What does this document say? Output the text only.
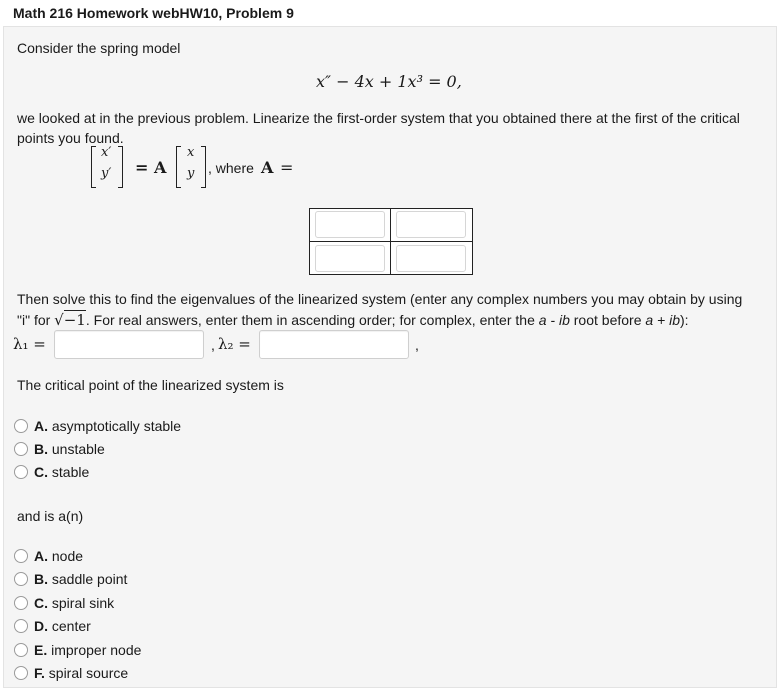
Math 216 Homework webHW10, Problem 9
Consider the spring model
x″ − 4x + 1x³ = 0,
we looked at in the previous problem. Linearize the first-order system that you obtained there at the first of the critical
points you found.
x′
y′ = A
x
y , where A =
Then solve this to find the eigenvalues of the linearized system (enter any complex numbers you may obtain by using
"i" for √−1. For real answers, enter them in ascending order; for complex, enter the a - ib root before a + ib):
λ₁ =	, λ₂ =	,
The critical point of the linearized system is
A. asymptotically stable
B. unstable
C. stable
and is a(n)
A. node
B. saddle point
C. spiral sink
D. center
E. improper node
F. spiral source
